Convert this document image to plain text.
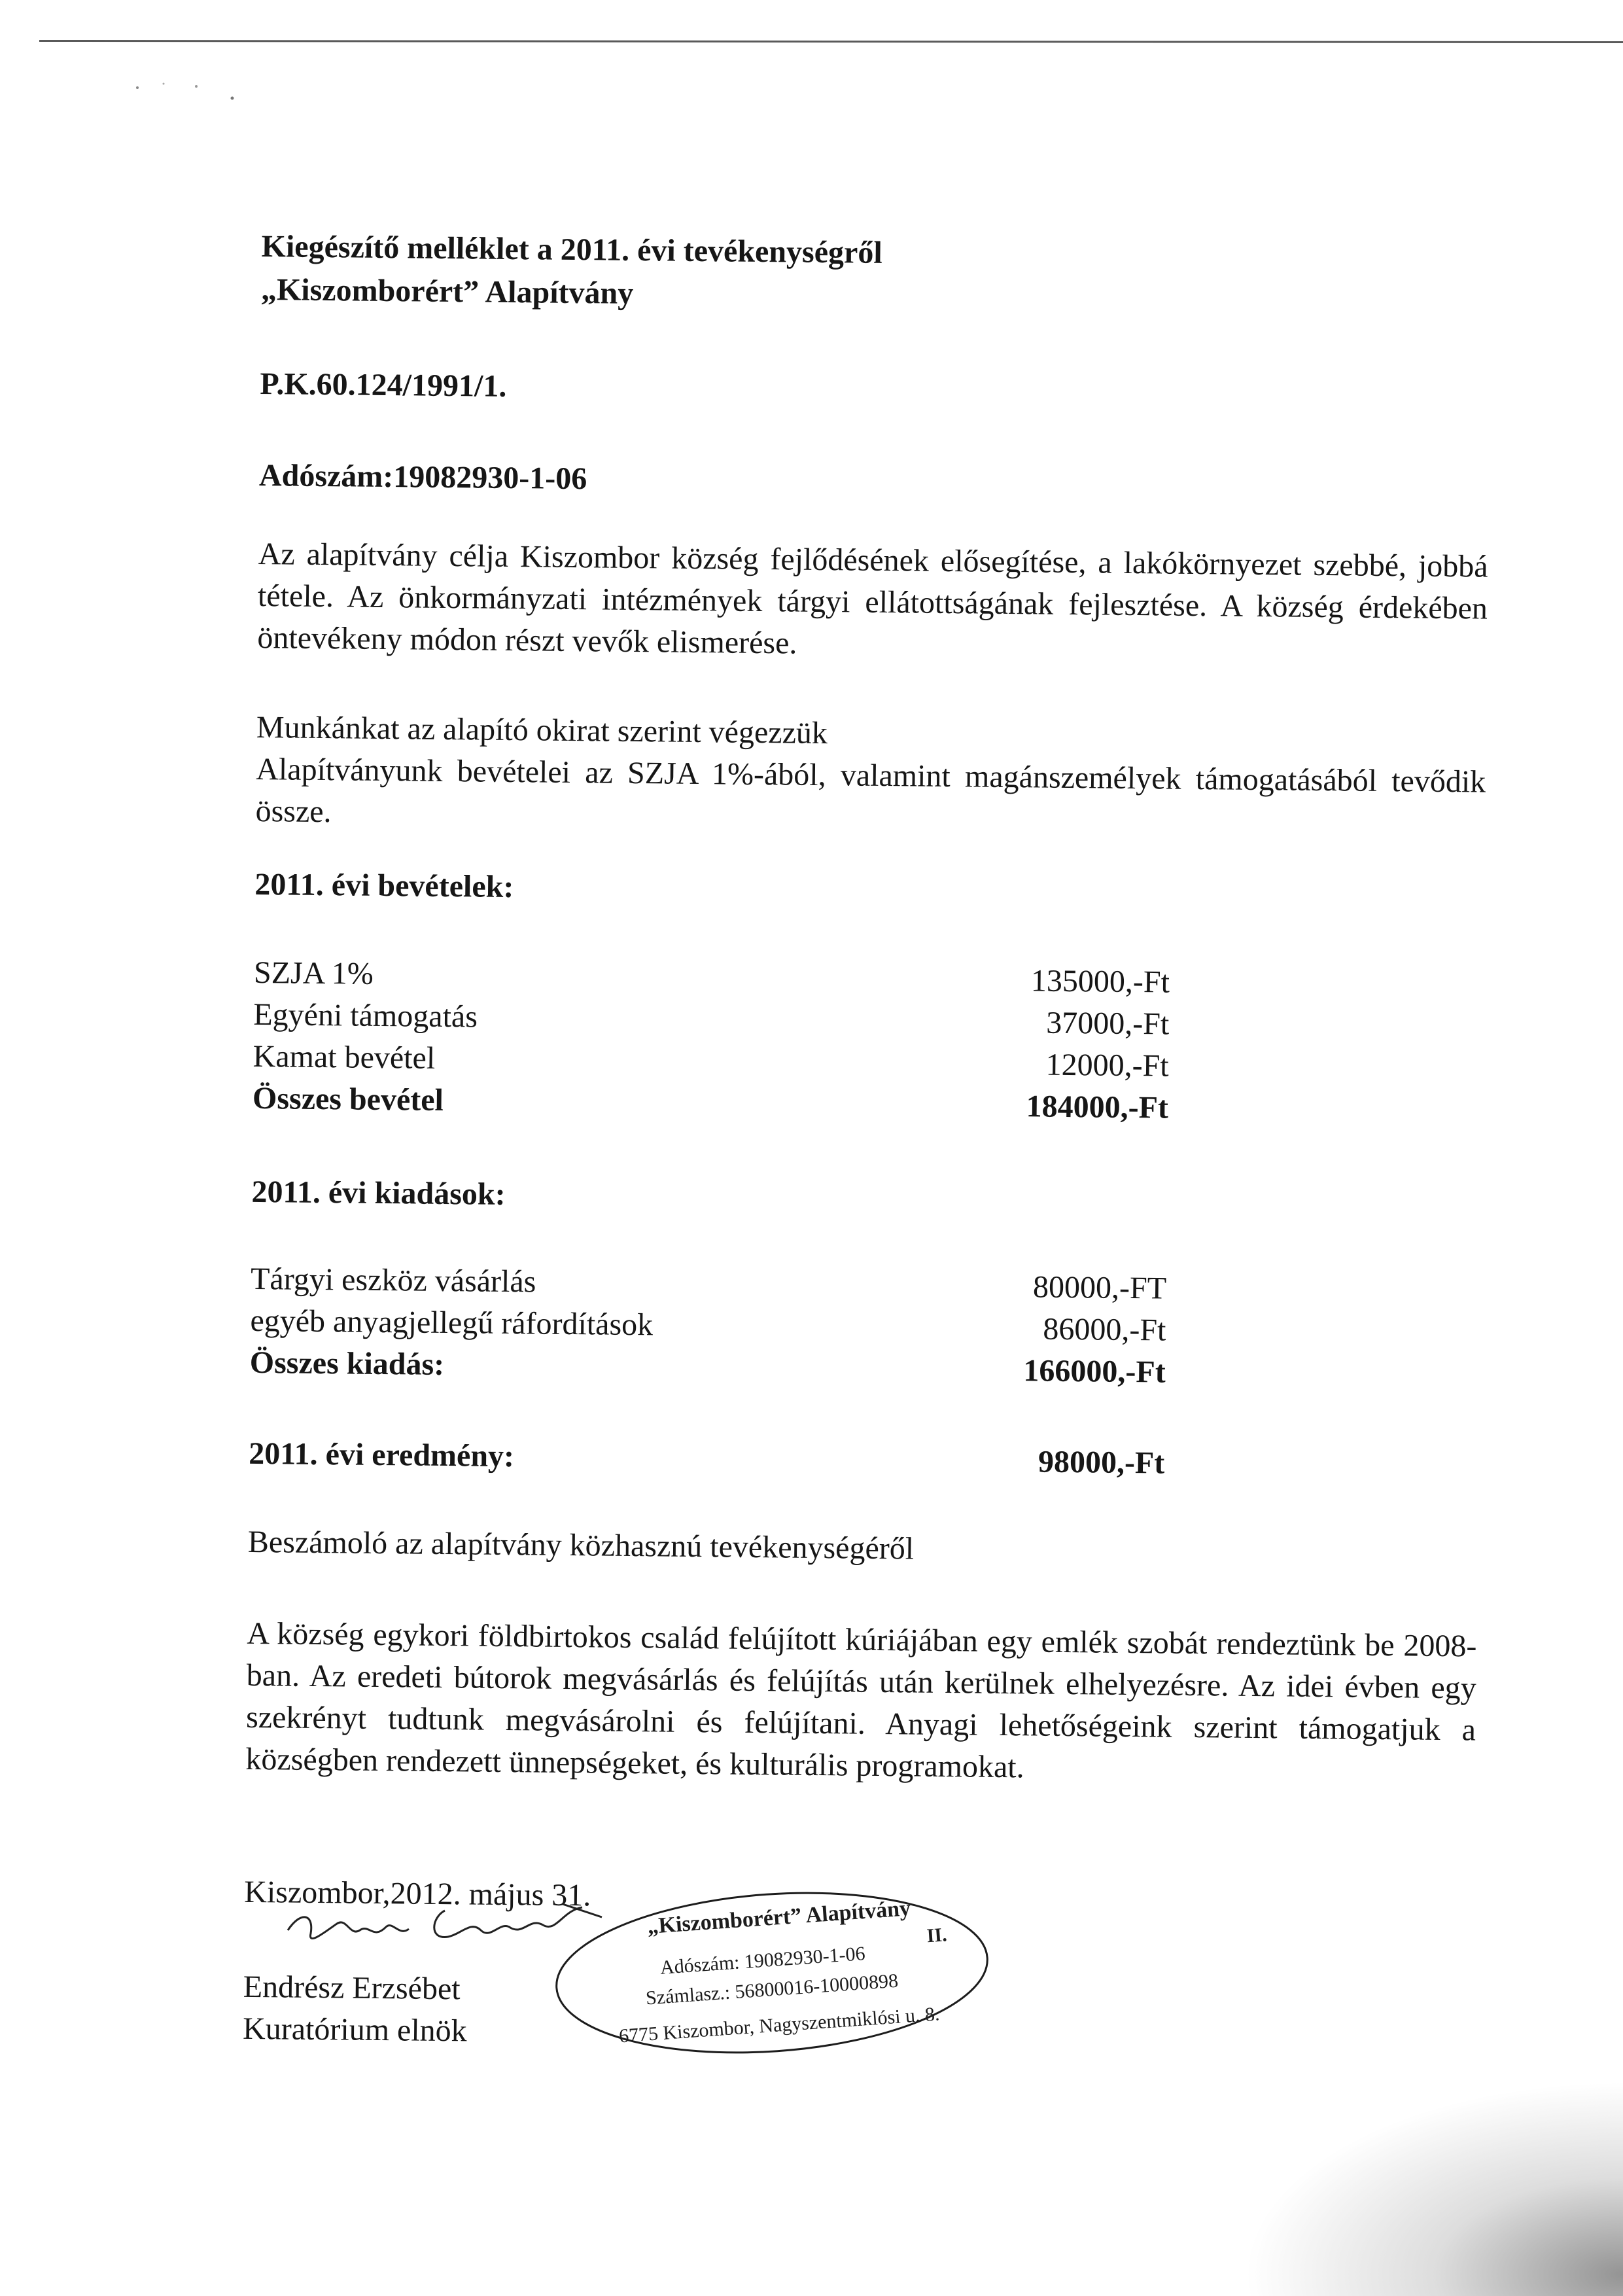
Kiegészítő melléklet a 2011. évi tevékenységről
„Kiszomborért” Alapítvány
P.K.60.124/1991/1.
Adószám:19082930-1-06
Az alapítvány célja Kiszombor község fejlődésének elősegítése, a lakókörnyezet szebbé, jobbá tétele. Az önkormányzati intézmények tárgyi ellátottságának fejlesztése. A község érdekében öntevékeny módon részt vevők elismerése.
Munkánkat az alapító okirat szerint végezzük
Alapítványunk bevételei az SZJA 1%-ából, valamint magánszemélyek támogatásából tevődik össze.
2011. évi bevételek:
SZJA 1%	135000,-Ft
Egyéni támogatás	37000,-Ft
Kamat bevétel	12000,-Ft
Összes bevétel	184000,-Ft
2011. évi kiadások:
Tárgyi eszköz vásárlás	80000,-FT
egyéb anyagjellegű ráfordítások	86000,-Ft
Összes kiadás:	166000,-Ft
2011. évi eredmény:	98000,-Ft
Beszámoló az alapítvány közhasznú tevékenységéről
A község egykori földbirtokos család felújított kúriájában egy emlék szobát rendeztünk be 2008-ban. Az eredeti bútorok megvásárlás és felújítás után kerülnek elhelyezésre. Az idei évben egy szekrényt tudtunk megvásárolni és felújítani. Anyagi lehetőségeink szerint támogatjuk a községben rendezett ünnepségeket, és kulturális programokat.
Kiszombor,2012. május 31.
Endrész Erzsébet
Kuratórium elnök
„Kiszomborért” Alapítvány
Adószám: 19082930-1-06
Számlasz.: 56800016-10000898
6775 Kiszombor, Nagyszentmiklósi u. 8.
II.
